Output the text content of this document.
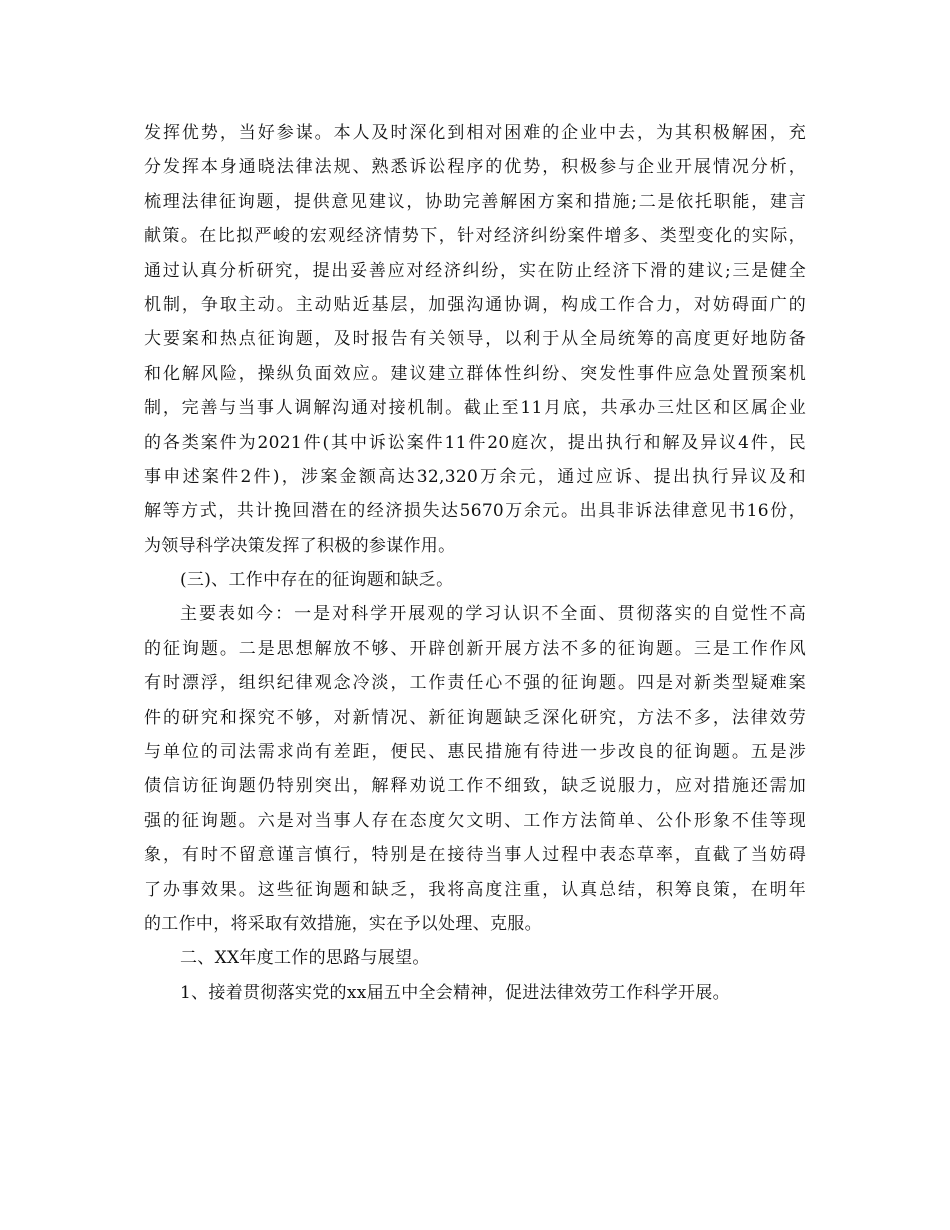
发挥优势，当好参谋。本人及时深化到相对困难的企业中去，为其积极解困，充
分发挥本身通晓法律法规、熟悉诉讼程序的优势，积极参与企业开展情况分析，
梳理法律征询题，提供意见建议，协助完善解困方案和措施;二是依托职能，建言
献策。在比拟严峻的宏观经济情势下，针对经济纠纷案件增多、类型变化的实际，
通过认真分析研究，提出妥善应对经济纠纷，实在防止经济下滑的建议;三是健全
机制，争取主动。主动贴近基层，加强沟通协调，构成工作合力，对妨碍面广的
大要案和热点征询题，及时报告有关领导，以利于从全局统筹的高度更好地防备
和化解风险，操纵负面效应。建议建立群体性纠纷、突发性事件应急处置预案机
制，完善与当事人调解沟通对接机制。截止至11月底，共承办三灶区和区属企业
的各类案件为2021件(其中诉讼案件11件20庭次，提出执行和解及异议4件，民
事申述案件2件)，涉案金额高达32,320万余元，通过应诉、提出执行异议及和
解等方式，共计挽回潜在的经济损失达5670万余元。出具非诉法律意见书16份，
为领导科学决策发挥了积极的参谋作用。
(三)、工作中存在的征询题和缺乏。
主要表如今：一是对科学开展观的学习认识不全面、贯彻落实的自觉性不高
的征询题。二是思想解放不够、开辟创新开展方法不多的征询题。三是工作作风
有时漂浮，组织纪律观念冷淡，工作责任心不强的征询题。四是对新类型疑难案
件的研究和探究不够，对新情况、新征询题缺乏深化研究，方法不多，法律效劳
与单位的司法需求尚有差距，便民、惠民措施有待进一步改良的征询题。五是涉
债信访征询题仍特别突出，解释劝说工作不细致，缺乏说服力，应对措施还需加
强的征询题。六是对当事人存在态度欠文明、工作方法简单、公仆形象不佳等现
象，有时不留意谨言慎行，特别是在接待当事人过程中表态草率，直截了当妨碍
了办事效果。这些征询题和缺乏，我将高度注重，认真总结，积筹良策，在明年
的工作中，将采取有效措施，实在予以处理、克服。
二、XX年度工作的思路与展望。
1、接着贯彻落实党的xx届五中全会精神，促进法律效劳工作科学开展。
